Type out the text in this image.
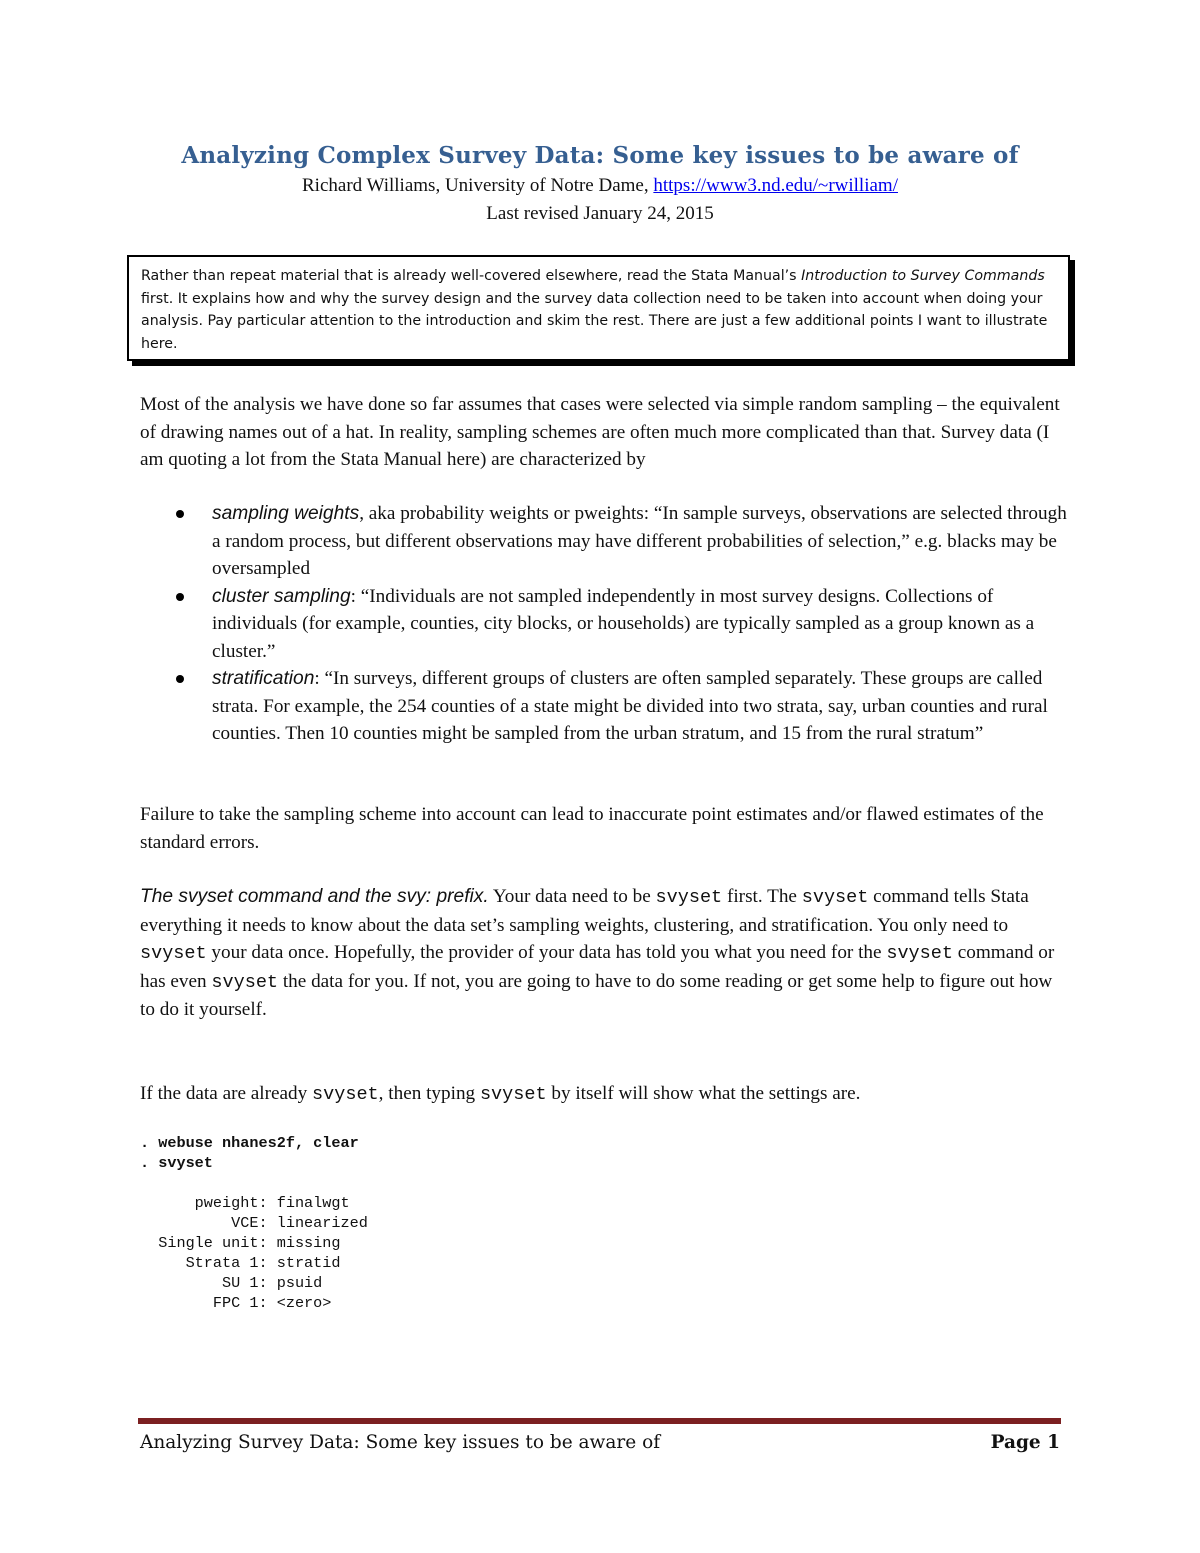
Analyzing Complex Survey Data: Some key issues to be aware of
Richard Williams, University of Notre Dame, https://www3.nd.edu/~rwilliam/
Last revised January 24, 2015
Rather than repeat material that is already well-covered elsewhere, read the Stata Manual’s Introduction to Survey Commands first. It explains how and why the survey design and the survey data collection need to be taken into account when doing your analysis. Pay particular attention to the introduction and skim the rest. There are just a few additional points I want to illustrate here.
Most of the analysis we have done so far assumes that cases were selected via simple random sampling – the equivalent of drawing names out of a hat. In reality, sampling schemes are often much more complicated than that. Survey data (I am quoting a lot from the Stata Manual here) are characterized by
sampling weights, aka probability weights or pweights: “In sample surveys, observations are selected through a random process, but different observations may have different probabilities of selection,” e.g. blacks may be oversampled
cluster sampling: “Individuals are not sampled independently in most survey designs. Collections of individuals (for example, counties, city blocks, or households) are typically sampled as a group known as a cluster.”
stratification: “In surveys, different groups of clusters are often sampled separately. These groups are called strata. For example, the 254 counties of a state might be divided into two strata, say, urban counties and rural counties. Then 10 counties might be sampled from the urban stratum, and 15 from the rural stratum”
Failure to take the sampling scheme into account can lead to inaccurate point estimates and/or flawed estimates of the standard errors.
The svyset command and the svy: prefix. Your data need to be svyset first. The svyset command tells Stata everything it needs to know about the data set’s sampling weights, clustering, and stratification. You only need to svyset your data once. Hopefully, the provider of your data has told you what you need for the svyset command or has even svyset the data for you. If not, you are going to have to do some reading or get some help to figure out how to do it yourself.
If the data are already svyset, then typing svyset by itself will show what the settings are.
. webuse nhanes2f, clear
. svyset

pweight: finalwgt
VCE: linearized
Single unit: missing
Strata 1: stratid
SU 1: psuid
FPC 1: <zero>
Analyzing Survey Data: Some key issues to be aware of	Page 1
